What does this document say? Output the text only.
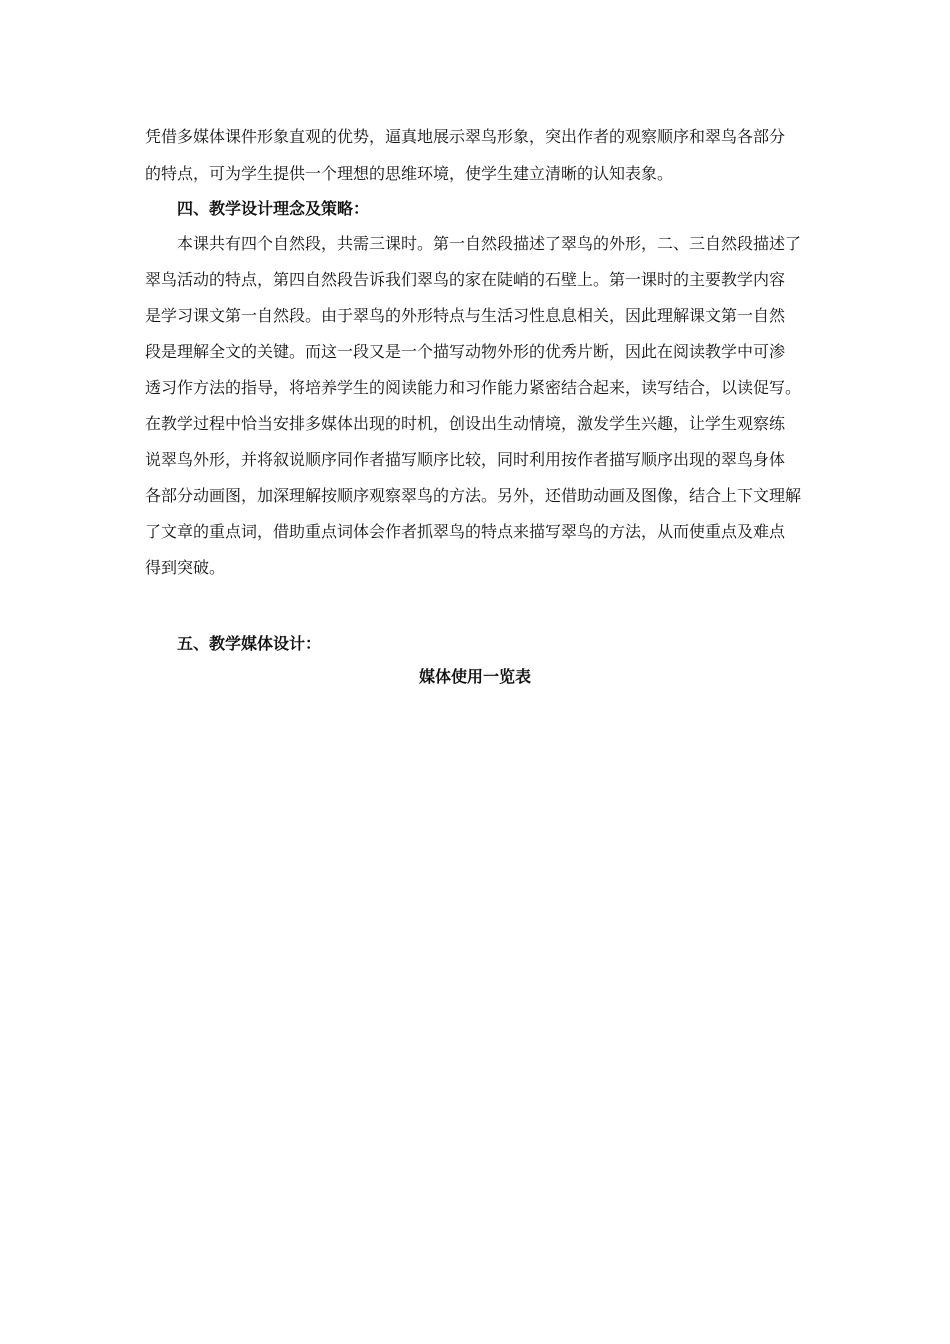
凭借多媒体课件形象直观的优势，逼真地展示翠鸟形象，突出作者的观察顺序和翠鸟各部分
的特点，可为学生提供一个理想的思维环境，使学生建立清晰的认知表象。
四、教学设计理念及策略：
本课共有四个自然段，共需三课时。第一自然段描述了翠鸟的外形，二、三自然段描述了
翠鸟活动的特点，第四自然段告诉我们翠鸟的家在陡峭的石壁上。第一课时的主要教学内容
是学习课文第一自然段。由于翠鸟的外形特点与生活习性息息相关，因此理解课文第一自然
段是理解全文的关键。而这一段又是一个描写动物外形的优秀片断，因此在阅读教学中可渗
透习作方法的指导，将培养学生的阅读能力和习作能力紧密结合起来，读写结合，以读促写。
在教学过程中恰当安排多媒体出现的时机，创设出生动情境，激发学生兴趣，让学生观察练
说翠鸟外形，并将叙说顺序同作者描写顺序比较，同时利用按作者描写顺序出现的翠鸟身体
各部分动画图，加深理解按顺序观察翠鸟的方法。另外，还借助动画及图像，结合上下文理解
了文章的重点词，借助重点词体会作者抓翠鸟的特点来描写翠鸟的方法，从而使重点及难点
得到突破。
五、教学媒体设计：
媒体使用一览表
